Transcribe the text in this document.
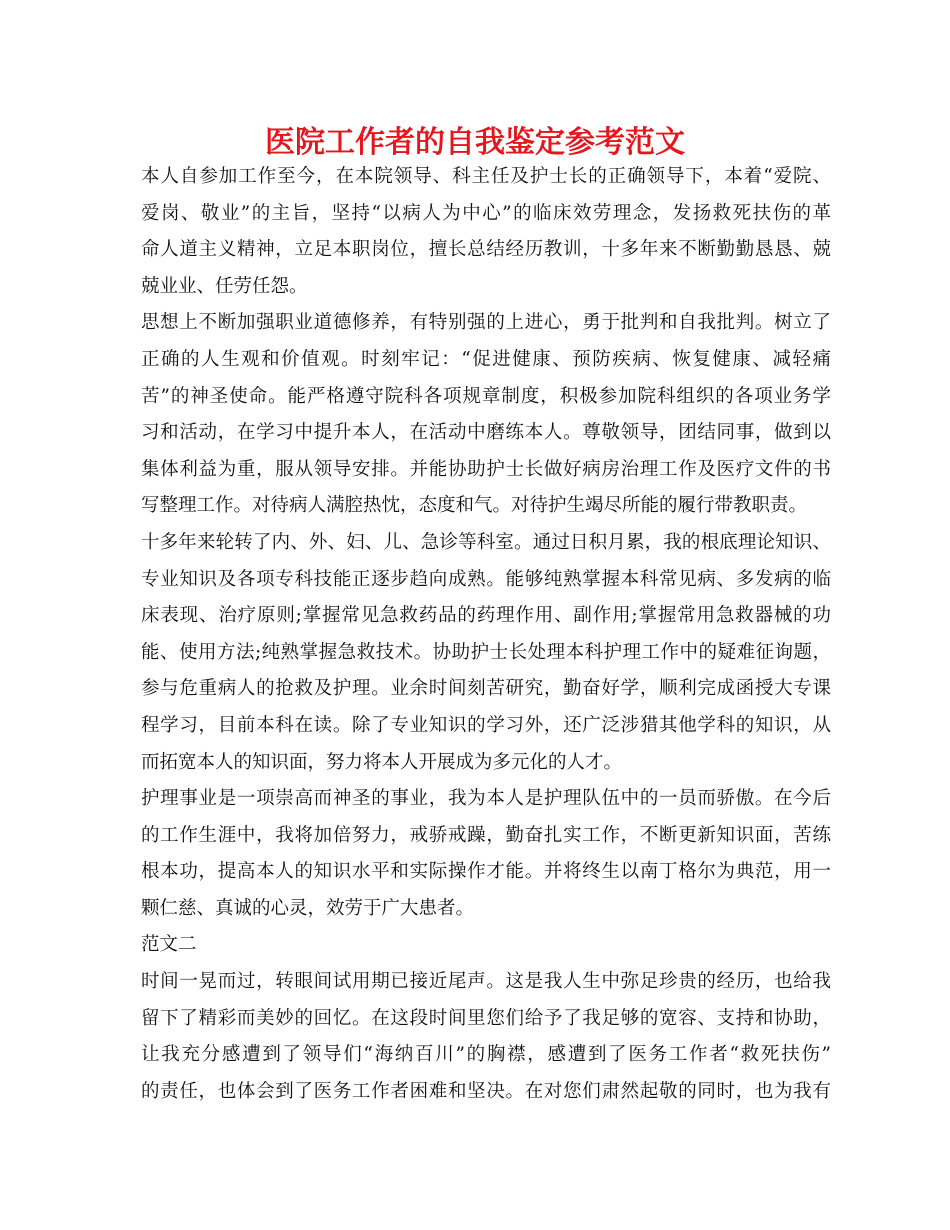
医院工作者的自我鉴定参考范文
本人自参加工作至今，在本院领导、科主任及护士长的正确领导下，本着“爱院、
爱岗、敬业”的主旨，坚持“以病人为中心”的临床效劳理念，发扬救死扶伤的革
命人道主义精神，立足本职岗位，擅长总结经历教训，十多年来不断勤勤恳恳、兢
兢业业、任劳任怨。
思想上不断加强职业道德修养，有特别强的上进心，勇于批判和自我批判。树立了
正确的人生观和价值观。时刻牢记：“促进健康、预防疾病、恢复健康、减轻痛
苦”的神圣使命。能严格遵守院科各项规章制度，积极参加院科组织的各项业务学
习和活动，在学习中提升本人，在活动中磨练本人。尊敬领导，团结同事，做到以
集体利益为重，服从领导安排。并能协助护士长做好病房治理工作及医疗文件的书
写整理工作。对待病人满腔热忱，态度和气。对待护生竭尽所能的履行带教职责。
十多年来轮转了内、外、妇、儿、急诊等科室。通过日积月累，我的根底理论知识、
专业知识及各项专科技能正逐步趋向成熟。能够纯熟掌握本科常见病、多发病的临
床表现、治疗原则;掌握常见急救药品的药理作用、副作用;掌握常用急救器械的功
能、使用方法;纯熟掌握急救技术。协助护士长处理本科护理工作中的疑难征询题，
参与危重病人的抢救及护理。业余时间刻苦研究，勤奋好学，顺利完成函授大专课
程学习，目前本科在读。除了专业知识的学习外，还广泛涉猎其他学科的知识，从
而拓宽本人的知识面，努力将本人开展成为多元化的人才。
护理事业是一项崇高而神圣的事业，我为本人是护理队伍中的一员而骄傲。在今后
的工作生涯中，我将加倍努力，戒骄戒躁，勤奋扎实工作，不断更新知识面，苦练
根本功，提高本人的知识水平和实际操作才能。并将终生以南丁格尔为典范，用一
颗仁慈、真诚的心灵，效劳于广大患者。
范文二
时间一晃而过，转眼间试用期已接近尾声。这是我人生中弥足珍贵的经历，也给我
留下了精彩而美妙的回忆。在这段时间里您们给予了我足够的宽容、支持和协助，
让我充分感遭到了领导们“海纳百川”的胸襟，感遭到了医务工作者“救死扶伤”
的责任，也体会到了医务工作者困难和坚决。在对您们肃然起敬的同时，也为我有
